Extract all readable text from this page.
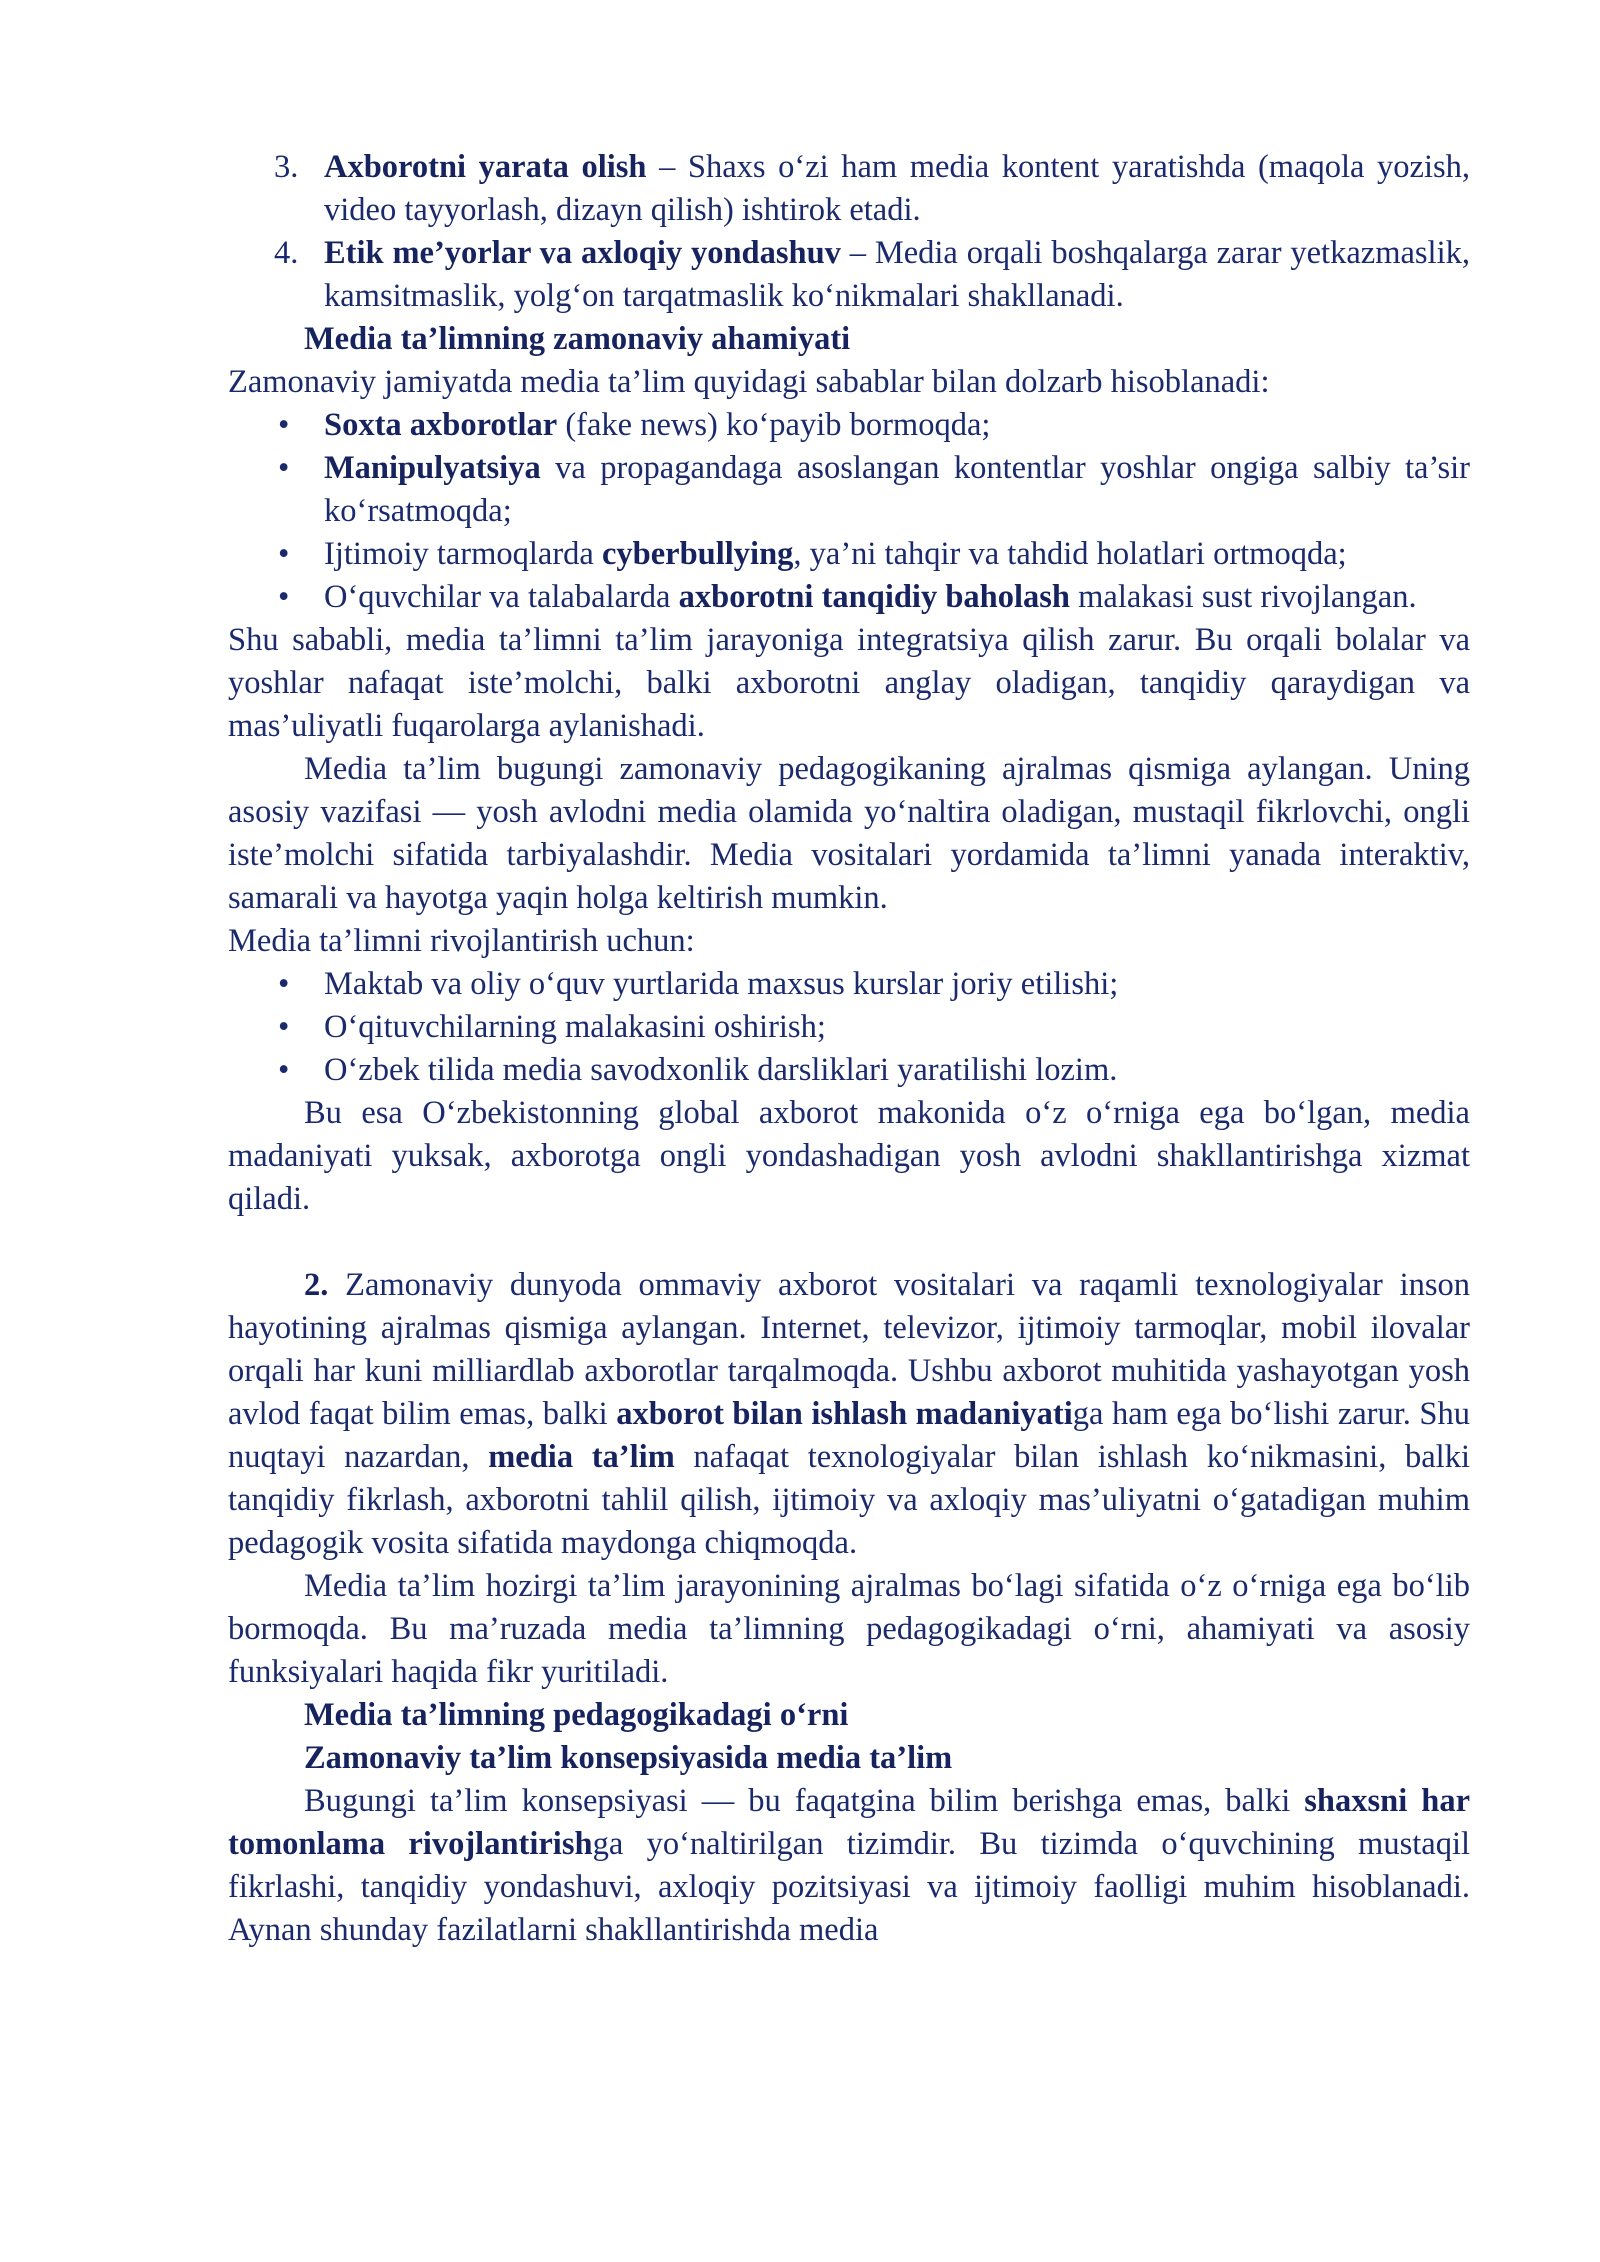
3. Axborotni yarata olish – Shaxs o‘zi ham media kontent yaratishda (maqola yozish, video tayyorlash, dizayn qilish) ishtirok etadi.

4. Etik me’yorlar va axloqiy yondashuv – Media orqali boshqalarga zarar yetkazmaslik, kamsitmaslik, yolg‘on tarqatmaslik ko‘nikmalari shakllanadi.

Media ta’limning zamonaviy ahamiyati

Zamonaviy jamiyatda media ta’lim quyidagi sabablar bilan dolzarb hisoblanadi:

• Soxta axborotlar (fake news) ko‘payib bormoqda;
• Manipulyatsiya va propagandaga asoslangan kontentlar yoshlar ongiga salbiy ta’sir ko‘rsatmoqda;
• Ijtimoiy tarmoqlarda cyberbullying, ya’ni tahqir va tahdid holatlari ortmoqda;
• O‘quvchilar va talabalarda axborotni tanqidiy baholash malakasi sust rivojlangan.

Shu sababli, media ta’limni ta’lim jarayoniga integratsiya qilish zarur. Bu orqali bolalar va yoshlar nafaqat iste’molchi, balki axborotni anglay oladigan, tanqidiy qaraydigan va mas’uliyatli fuqarolarga aylanishadi.

Media ta’lim bugungi zamonaviy pedagogikaning ajralmas qismiga aylangan. Uning asosiy vazifasi — yosh avlodni media olamida yo‘naltira oladigan, mustaqil fikrlovchi, ongli iste’molchi sifatida tarbiyalashdir. Media vositalari yordamida ta’limni yanada interaktiv, samarali va hayotga yaqin holga keltirish mumkin.

Media ta’limni rivojlantirish uchun:

• Maktab va oliy o‘quv yurtlarida maxsus kurslar joriy etilishi;
• O‘qituvchilarning malakasini oshirish;
• O‘zbek tilida media savodxonlik darsliklari yaratilishi lozim.

Bu esa O‘zbekistonning global axborot makonida o‘z o‘rniga ega bo‘lgan, media madaniyati yuksak, axborotga ongli yondashadigan yosh avlodni shakllantirishga xizmat qiladi.

2. Zamonaviy dunyoda ommaviy axborot vositalari va raqamli texnologiyalar inson hayotining ajralmas qismiga aylangan. Internet, televizor, ijtimoiy tarmoqlar, mobil ilovalar orqali har kuni milliardlab axborotlar tarqalmoqda. Ushbu axborot muhitida yashayotgan yosh avlod faqat bilim emas, balki axborot bilan ishlash madaniyatiga ham ega bo‘lishi zarur. Shu nuqtayi nazardan, media ta’lim nafaqat texnologiyalar bilan ishlash ko‘nikmasini, balki tanqidiy fikrlash, axborotni tahlil qilish, ijtimoiy va axloqiy mas’uliyatni o‘gatadigan muhim pedagogik vosita sifatida maydonga chiqmoqda.

Media ta’lim hozirgi ta’lim jarayonining ajralmas bo‘lagi sifatida o‘z o‘rniga ega bo‘lib bormoqda. Bu ma’ruzada media ta’limning pedagogikadagi o‘rni, ahamiyati va asosiy funksiyalari haqida fikr yuritiladi.

Media ta’limning pedagogikadagi o‘rni

Zamonaviy ta’lim konsepsiyasida media ta’lim

Bugungi ta’lim konsepsiyasi — bu faqatgina bilim berishga emas, balki shaxsni har tomonlama rivojlantirishga yo‘naltirilgan tizimdir. Bu tizimda o‘quvchining mustaqil fikrlashi, tanqidiy yondashuvi, axloqiy pozitsiyasi va ijtimoiy faolligi muhim hisoblanadi. Aynan shunday fazilatlarni shakllantirishda media
